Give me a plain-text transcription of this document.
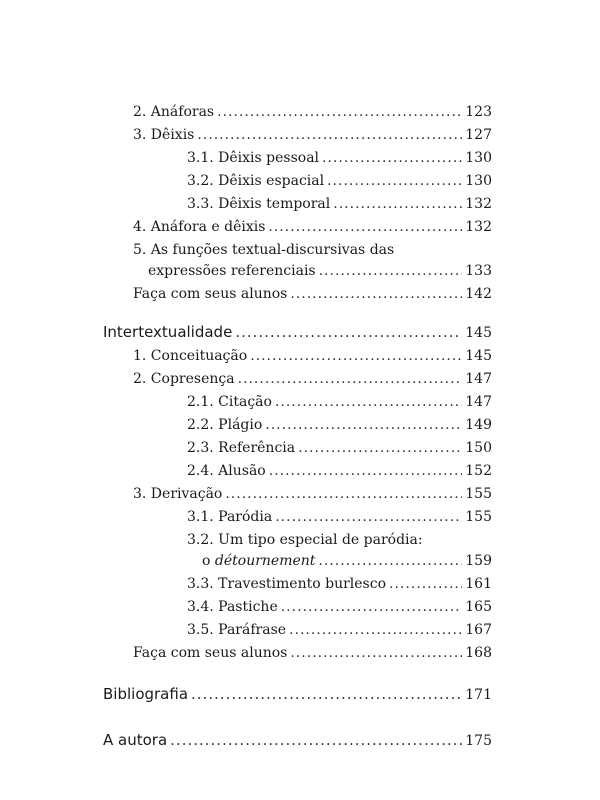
2. Anáforas .....	123
3. Dêixis .....	127
3.1. Dêixis pessoal .....	130
3.2. Dêixis espacial .....	130
3.3. Dêixis temporal .....	132
4. Anáfora e dêixis .....	132
5. As funções textual-discursivas das
expressões referenciais .....	133
Faça com seus alunos .....	142
Intertextualidade .....	145
1. Conceituação .....	145
2. Copresença .....	147
2.1. Citação .....	147
2.2. Plágio .....	149
2.3. Referência .....	150
2.4. Alusão .....	152
3. Derivação .....	155
3.1. Paródia .....	155
3.2. Um tipo especial de paródia:
o détournement .....	159
3.3. Travestimento burlesco .....	161
3.4. Pastiche .....	165
3.5. Paráfrase .....	167
Faça com seus alunos .....	168
Bibliografia .....	171
A autora .....	175
